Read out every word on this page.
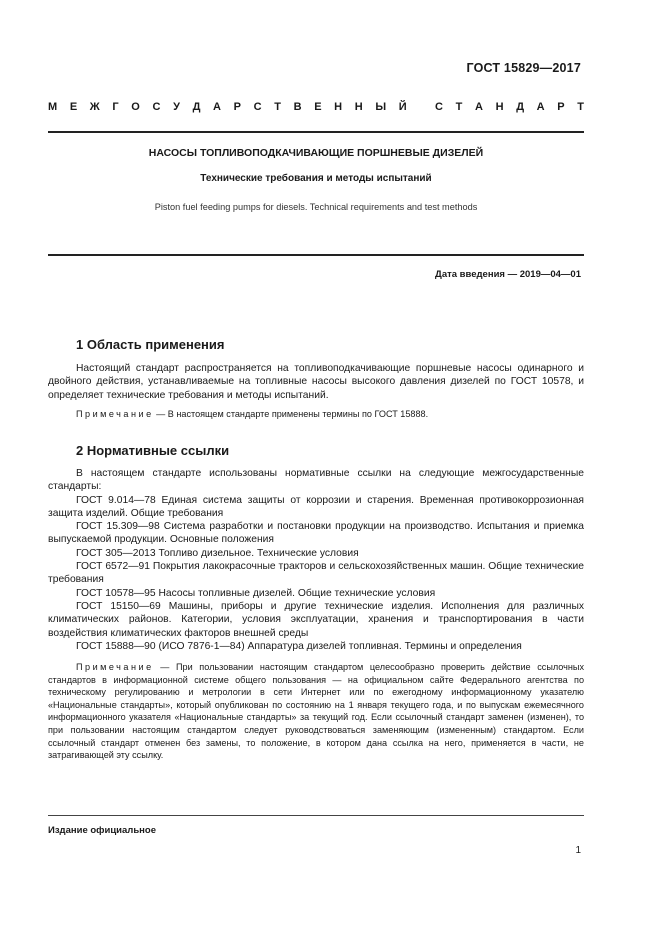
ГОСТ 15829—2017
М Е Ж Г О С У Д А Р С Т В Е Н Н Ы Й
	С Т А Н Д А Р Т
НАСОСЫ ТОПЛИВОПОДКАЧИВАЮЩИЕ ПОРШНЕВЫЕ ДИЗЕЛЕЙ
Технические требования и методы испытаний
Piston fuel feeding pumps for diesels. Technical requirements and test methods
Дата введения — 2019—04—01
1 Область применения

Настоящий стандарт распространяется на топливоподкачивающие поршневые насосы одинарного и двойного действия, устанавливаемые на топливные насосы высокого давления дизелей по ГОСТ 10578, и определяет технические требования и методы испытаний.

Примечание — В настоящем стандарте применены термины по ГОСТ 15888.

2 Нормативные ссылки

В настоящем стандарте использованы нормативные ссылки на следующие межгосударственные стандарты:

ГОСТ 9.014—78 Единая система защиты от коррозии и старения. Временная противокоррозионная защита изделий. Общие требования

ГОСТ 15.309—98 Система разработки и постановки продукции на производство. Испытания и приемка выпускаемой продукции. Основные положения

ГОСТ 305—2013 Топливо дизельное. Технические условия

ГОСТ 6572—91 Покрытия лакокрасочные тракторов и сельскохозяйственных машин. Общие технические требования

ГОСТ 10578—95 Насосы топливные дизелей. Общие технические условия

ГОСТ 15150—69 Машины, приборы и другие технические изделия. Исполнения для различных климатических районов. Категории, условия эксплуатации, хранения и транспортирования в части воздействия климатических факторов внешней среды

ГОСТ 15888—90 (ИСО 7876-1—84) Аппаратура дизелей топливная. Термины и определения

Примечание — При пользовании настоящим стандартом целесообразно проверить действие ссылочных стандартов в информационной системе общего пользования — на официальном сайте Федерального агентства по техническому регулированию и метрологии в сети Интернет или по ежегодному информационному указателю «Национальные стандарты», который опубликован по состоянию на 1 января текущего года, и по выпускам ежемесячного информационного указателя «Национальные стандарты» за текущий год. Если ссылочный стандарт заменен (изменен), то при пользовании настоящим стандартом следует руководствоваться заменяющим (измененным) стандартом. Если ссылочный стандарт отменен без замены, то положение, в котором дана ссылка на него, применяется в части, не затрагивающей эту ссылку.

Издание официальное
1
